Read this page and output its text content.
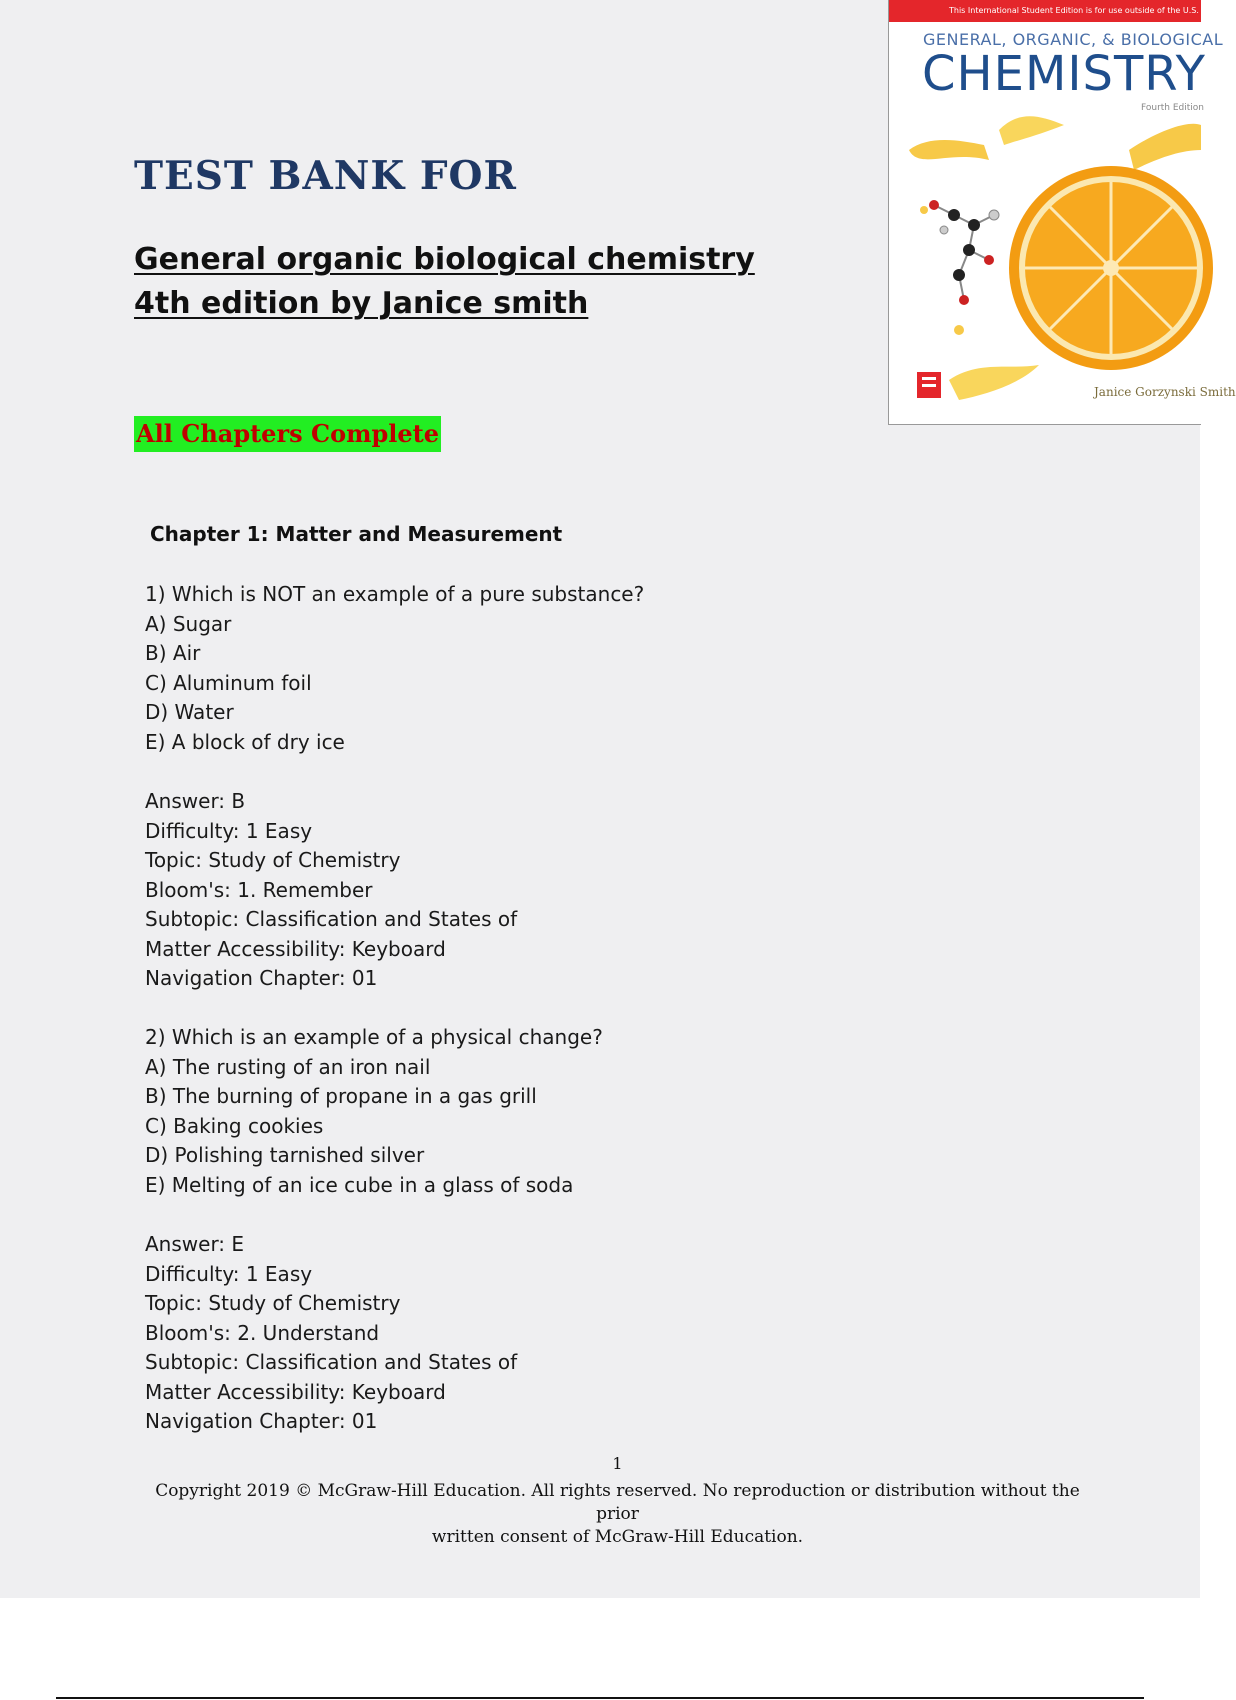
TEST BANK FOR
General organic biological chemistry
4th edition by Janice smith
All Chapters Complete
This International Student Edition is for use outside of the U.S.
GENERAL, ORGANIC, & BIOLOGICAL
CHEMISTRY
Fourth Edition
Janice Gorzynski Smith
Chapter 1: Matter and Measurement
1) Which is NOT an example of a pure substance?
A) Sugar
B) Air
C) Aluminum foil
D) Water
E) A block of dry ice
Answer: B
Difficulty: 1 Easy
Topic: Study of Chemistry
Bloom's: 1. Remember
Subtopic: Classification and States of
Matter Accessibility: Keyboard
Navigation Chapter: 01
2) Which is an example of a physical change?
A) The rusting of an iron nail
B) The burning of propane in a gas grill
C) Baking cookies
D) Polishing tarnished silver
E) Melting of an ice cube in a glass of soda
Answer: E
Difficulty: 1 Easy
Topic: Study of Chemistry
Bloom's: 2. Understand
Subtopic: Classification and States of
Matter Accessibility: Keyboard
Navigation Chapter: 01
1
Copyright 2019 © McGraw-Hill Education. All rights reserved. No reproduction or distribution without the prior
written consent of McGraw-Hill Education.
